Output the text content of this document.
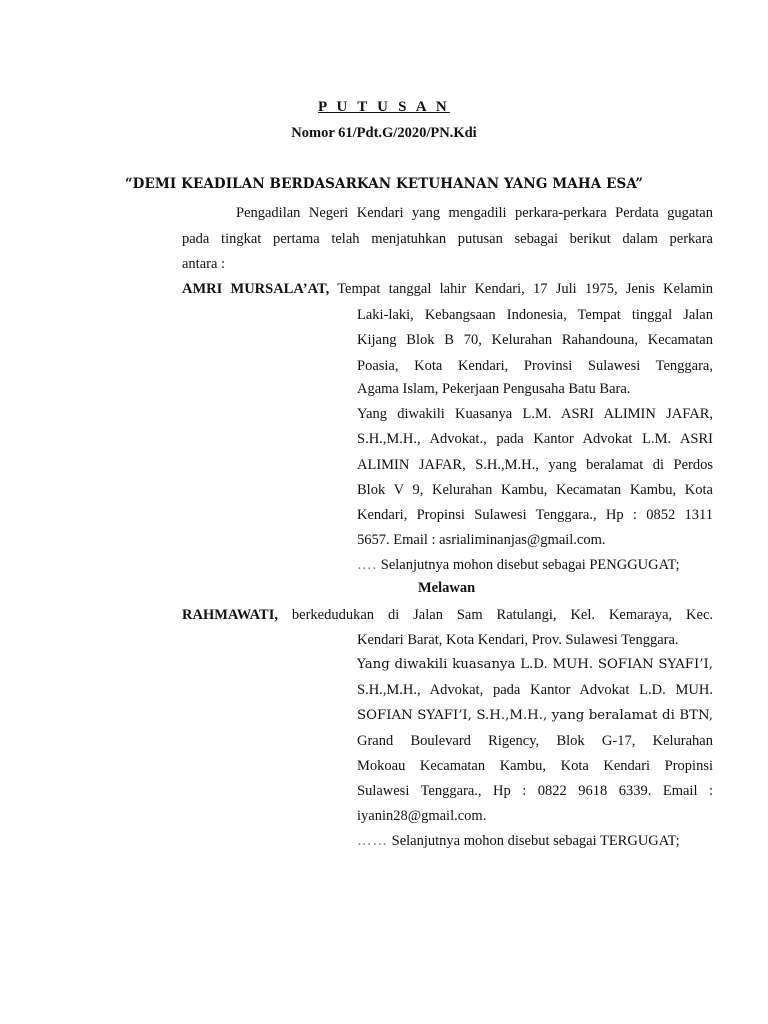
P U T U S A N
Nomor 61/Pdt.G/2020/PN.Kdi
“DEMI KEADILAN BERDASARKAN KETUHANAN YANG MAHA ESA”
Pengadilan Negeri Kendari yang mengadili perkara-perkara Perdata gugatan
pada tingkat pertama telah menjatuhkan putusan sebagai berikut dalam perkara
antara :
AMRI MURSALA’AT, Tempat tanggal lahir Kendari, 17 Juli 1975, Jenis Kelamin
Laki-laki, Kebangsaan Indonesia, Tempat tinggal Jalan
Kijang Blok B 70, Kelurahan Rahandouna, Kecamatan
Poasia, Kota Kendari, Provinsi Sulawesi Tenggara,
Agama Islam, Pekerjaan Pengusaha Batu Bara.
Yang diwakili Kuasanya L.M. ASRI ALIMIN JAFAR,
S.H.,M.H., Advokat., pada Kantor Advokat L.M. ASRI
ALIMIN JAFAR, S.H.,M.H., yang beralamat di Perdos
Blok V 9, Kelurahan Kambu, Kecamatan Kambu, Kota
Kendari, Propinsi Sulawesi Tenggara., Hp : 0852 1311
5657. Email : asrialiminanjas@gmail.com.
…. Selanjutnya mohon disebut sebagai PENGGUGAT;
Melawan
RAHMAWATI, berkedudukan di Jalan Sam Ratulangi, Kel. Kemaraya, Kec.
Kendari Barat, Kota Kendari, Prov. Sulawesi Tenggara.
Yang diwakili kuasanya L.D. MUH. SOFIAN SYAFI’I,
S.H.,M.H., Advokat, pada Kantor Advokat L.D. MUH.
SOFIAN SYAFI’I, S.H.,M.H., yang beralamat di BTN,
Grand Boulevard Rigency, Blok G-17, Kelurahan
Mokoau Kecamatan Kambu, Kota Kendari Propinsi
Sulawesi Tenggara., Hp : 0822 9618 6339. Email :
iyanin28@gmail.com.
…… Selanjutnya mohon disebut sebagai TERGUGAT;
